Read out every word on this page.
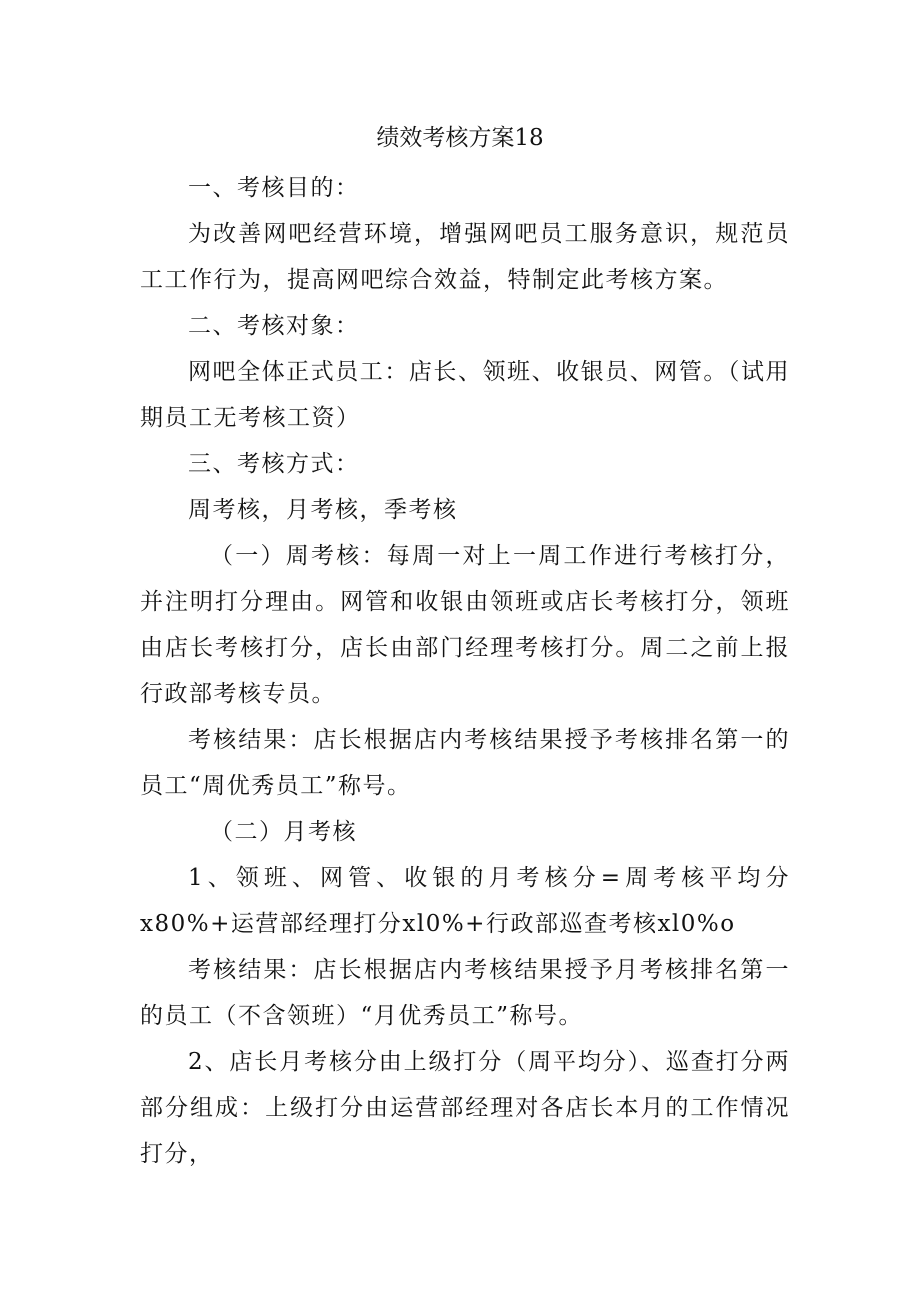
绩效考核方案18

一、考核目的：

为改善网吧经营环境，增强网吧员工服务意识，规范员工工作行为，提高网吧综合效益，特制定此考核方案。

二、考核对象：

网吧全体正式员工：店长、领班、收银员、网管。（试用期员工无考核工资）

三、考核方式：

周考核，月考核，季考核

（一）周考核：每周一对上一周工作进行考核打分，并注明打分理由。网管和收银由领班或店长考核打分，领班由店长考核打分，店长由部门经理考核打分。周二之前上报行政部考核专员。

考核结果：店长根据店内考核结果授予考核排名第一的员工“周优秀员工”称号。

（二）月考核

1、领班、网管、收银的月考核分=周考核平均分x80%+运营部经理打分xl0%+行政部巡查考核xl0%o

考核结果：店长根据店内考核结果授予月考核排名第一的员工（不含领班）“月优秀员工”称号。

2、店长月考核分由上级打分（周平均分）、巡查打分两部分组成：上级打分由运营部经理对各店长本月的工作情况打分，
